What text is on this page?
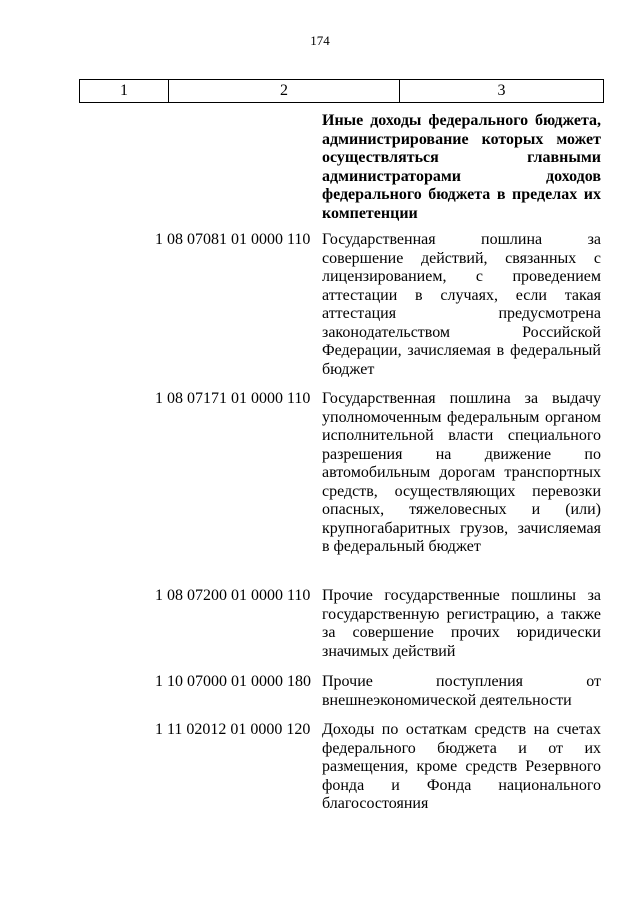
174
1	2	3
Иные доходы федерального бюджета, администрирование которых может осуществляться главными администраторами доходов федерального бюджета в пределах их компетенции
1 08 07081 01 0000 110 Государственная пошлина за совершение действий, связанных с лицензированием, с проведением аттестации в случаях, если такая аттестация предусмотрена законодательством Российской Федерации, зачисляемая в федеральный бюджет
1 08 07171 01 0000 110 Государственная пошлина за выдачу уполномоченным федеральным органом исполнительной власти специального разрешения на движение по автомобильным дорогам транспортных средств, осуществляющих перевозки опасных, тяжеловесных и (или) крупногабаритных грузов, зачисляемая в федеральный бюджет
1 08 07200 01 0000 110 Прочие государственные пошлины за государственную регистрацию, а также за совершение прочих юридически значимых действий
1 10 07000 01 0000 180 Прочие поступления от внешнеэкономической деятельности
1 11 02012 01 0000 120 Доходы по остаткам средств на счетах федерального бюджета и от их размещения, кроме средств Резервного фонда и Фонда национального благосостояния
